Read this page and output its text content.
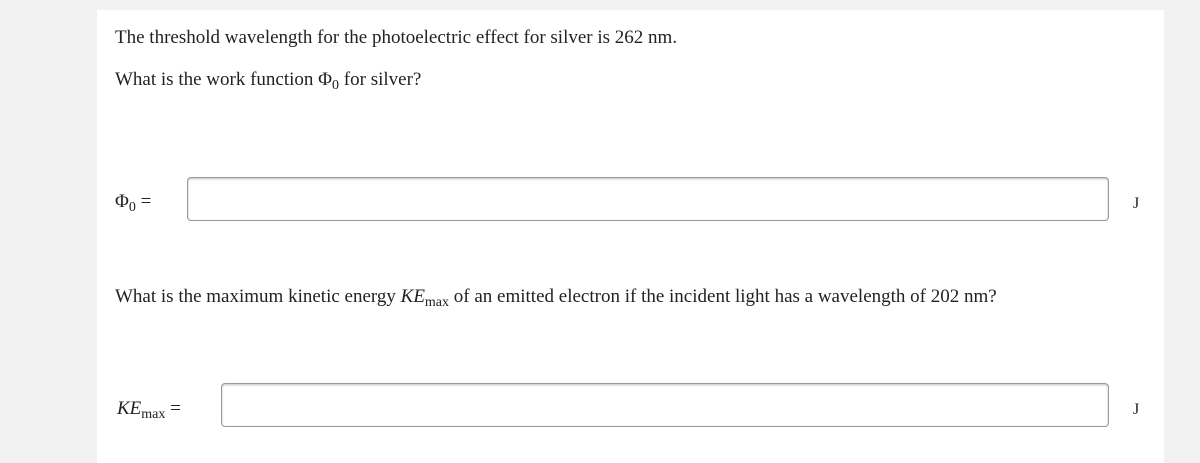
The threshold wavelength for the photoelectric effect for silver is 262 nm.
What is the work function $\Phi_0$ for silver?
$\Phi_0$ =	J
What is the maximum kinetic energy $KE_{max}$ of an emitted electron if the incident light has a wavelength of 202 nm?
$KE_{max}$ =	J
